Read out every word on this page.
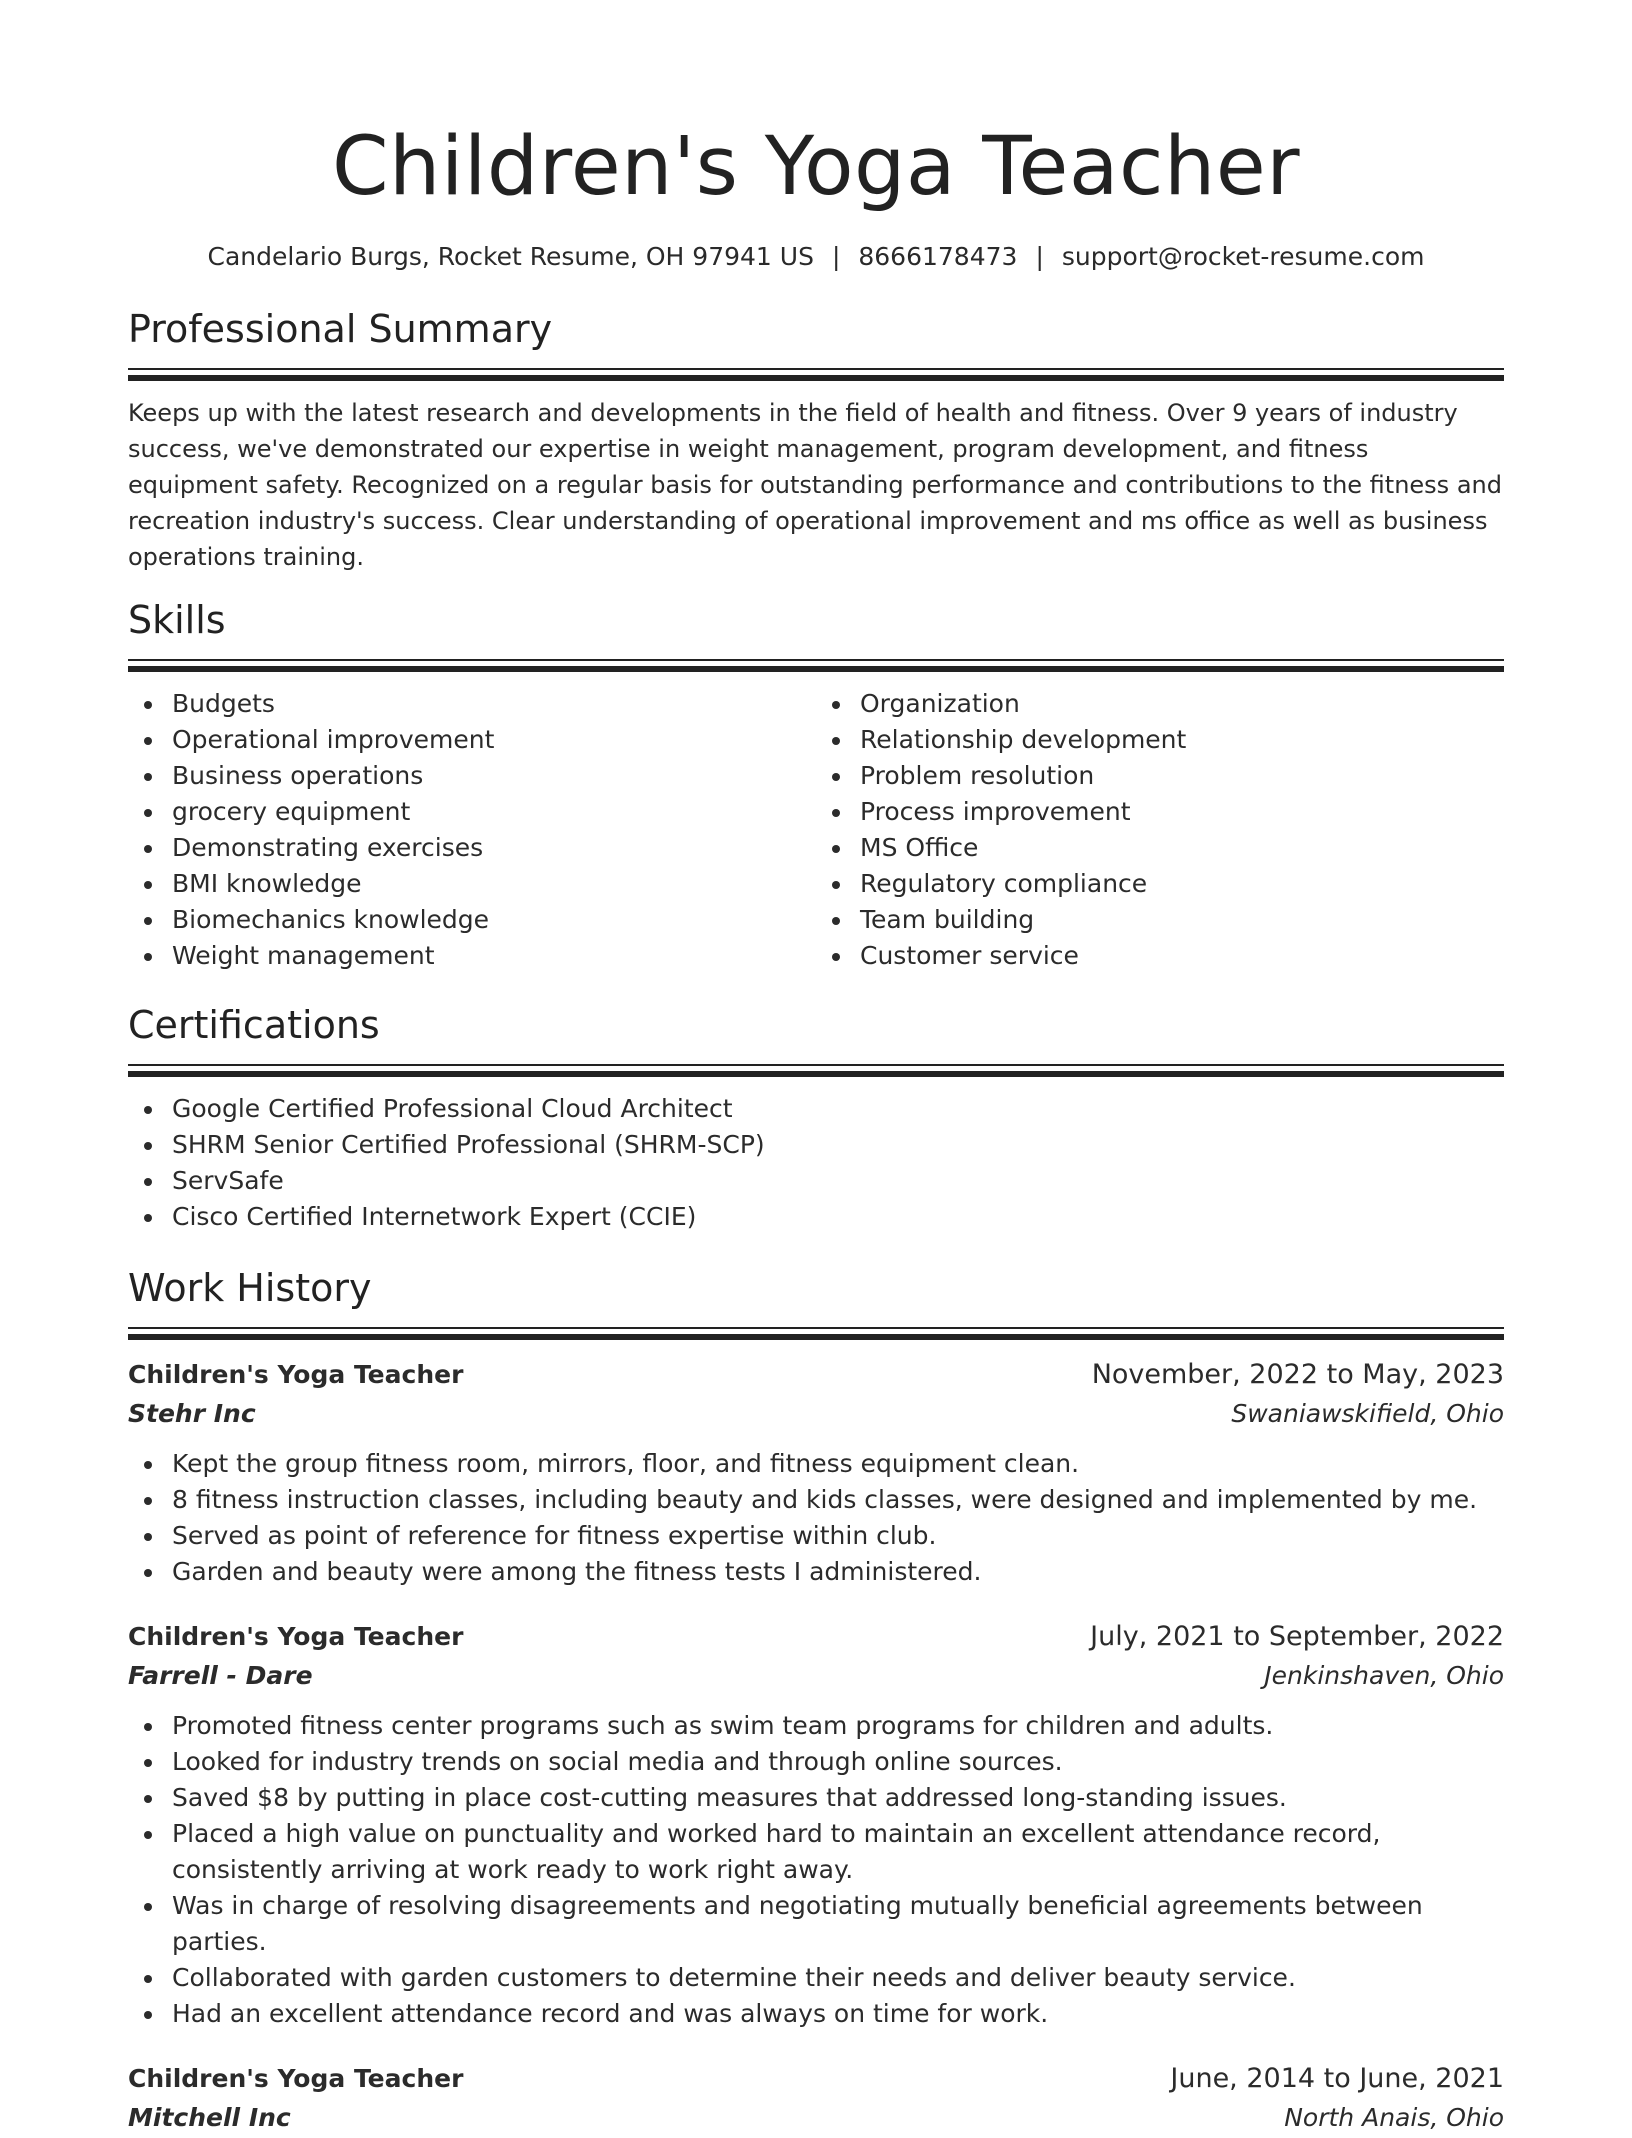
Children's Yoga Teacher
Candelario Burgs, Rocket Resume, OH 97941 US | 8666178473 | support@rocket-resume.com
Professional Summary

Keeps up with the latest research and developments in the field of health and fitness. Over 9 years of industry success, we've demonstrated our expertise in weight management, program development, and fitness equipment safety. Recognized on a regular basis for outstanding performance and contributions to the fitness and recreation industry's success. Clear understanding of operational improvement and ms office as well as business operations training.

Skills
Budgets
Operational improvement
Business operations
grocery equipment
Demonstrating exercises
BMI knowledge
Biomechanics knowledge
Weight management
Organization
Relationship development
Problem resolution
Process improvement
MS Office
Regulatory compliance
Team building
Customer service
Certifications
Google Certified Professional Cloud Architect
SHRM Senior Certified Professional (SHRM-SCP)
ServSafe
Cisco Certified Internetwork Expert (CCIE)
Work History
Children's Yoga Teacher	November, 2022 to May, 2023
Stehr Inc	Swaniawskifield, Ohio
Kept the group fitness room, mirrors, floor, and fitness equipment clean.
8 fitness instruction classes, including beauty and kids classes, were designed and implemented by me.
Served as point of reference for fitness expertise within club.
Garden and beauty were among the fitness tests I administered.
Children's Yoga Teacher	July, 2021 to September, 2022
Farrell - Dare	Jenkinshaven, Ohio
Promoted fitness center programs such as swim team programs for children and adults.
Looked for industry trends on social media and through online sources.
Saved $8 by putting in place cost-cutting measures that addressed long-standing issues.
Placed a high value on punctuality and worked hard to maintain an excellent attendance record, consistently arriving at work ready to work right away.
Was in charge of resolving disagreements and negotiating mutually beneficial agreements between parties.
Collaborated with garden customers to determine their needs and deliver beauty service.
Had an excellent attendance record and was always on time for work.
Children's Yoga Teacher	June, 2014 to June, 2021
Mitchell Inc	North Anais, Ohio
